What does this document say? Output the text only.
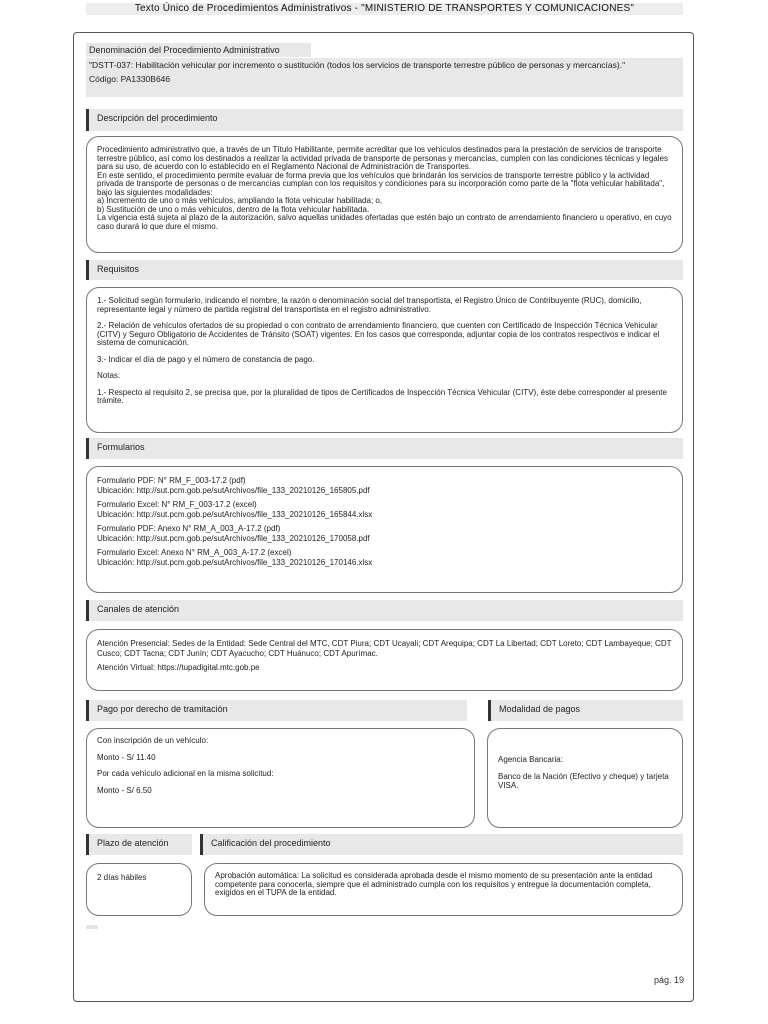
Texto Único de Procedimientos Administrativos - "MINISTERIO DE TRANSPORTES Y COMUNICACIONES"
Denominación del Procedimiento Administrativo

"DSTT-037: Habilitación vehicular por incremento o sustitución (todos los servicios de transporte terrestre público de personas y mercancías)."

Código: PA1330B646

Descripción del procedimiento

Procedimiento administrativo que, a través de un Título Habilitante, permite acreditar que los vehículos destinados para la prestación de servicios de transporte terrestre público, así como los destinados a realizar la actividad privada de transporte de personas y mercancías, cumplen con las condiciones técnicas y legales para su uso, de acuerdo con lo establecido en el Reglamento Nacional de Administración de Transportes.

En este sentido, el procedimiento permite evaluar de forma previa que los vehículos que brindarán los servicios de transporte terrestre público y la actividad privada de transporte de personas o de mercancías cumplan con los requisitos y condiciones para su incorporación como parte de la "flota vehicular habilitada", bajo las siguientes modalidades:

a) Incremento de uno o más vehículos, ampliando la flota vehicular habilitada; o,

b) Sustitución de uno o más vehículos, dentro de la flota vehicular habilitada.

La vigencia está sujeta al plazo de la autorización, salvo aquellas unidades ofertadas que estén bajo un contrato de arrendamiento financiero u operativo, en cuyo caso durará lo que dure el mismo.

Requisitos

1.- Solicitud según formulario, indicando el nombre, la razón o denominación social del transportista, el Registro Único de Contribuyente (RUC), domicilio, representante legal y número de partida registral del transportista en el registro administrativo.

2.- Relación de vehículos ofertados de su propiedad o con contrato de arrendamiento financiero, que cuenten con Certificado de Inspección Técnica Vehicular (CITV) y Seguro Obligatorio de Accidentes de Tránsito (SOAT) vigentes. En los casos que corresponda, adjuntar copia de los contratos respectivos e indicar el sistema de comunicación.

3.- Indicar el día de pago y el número de constancia de pago.

Notas:

1.- Respecto al requisito 2, se precisa que, por la pluralidad de tipos de Certificados de Inspección Técnica Vehicular (CITV), éste debe corresponder al presente trámite.

Formularios

Formulario PDF: N° RM_F_003-17.2 (pdf)

Ubicación: http://sut.pcm.gob.pe/sutArchivos/file_133_20210126_165805.pdf

Formulario Excel: N° RM_F_003-17.2 (excel)

Ubicación: http://sut.pcm.gob.pe/sutArchivos/file_133_20210126_165844.xlsx

Formulario PDF: Anexo N° RM_A_003_A-17.2 (pdf)

Ubicación: http://sut.pcm.gob.pe/sutArchivos/file_133_20210126_170058.pdf

Formulario Excel: Anexo N° RM_A_003_A-17.2 (excel)

Ubicación: http://sut.pcm.gob.pe/sutArchivos/file_133_20210126_170146.xlsx

Canales de atención

Atención Presencial: Sedes de la Entidad: Sede Central del MTC, CDT Piura; CDT Ucayali; CDT Arequipa; CDT La Libertad; CDT Loreto; CDT Lambayeque; CDT Cusco; CDT Tacna; CDT Junín; CDT Ayacucho; CDT Huánuco; CDT Apurímac.

Atención Virtual: https://tupadigital.mtc.gob.pe

Pago por derecho de tramitación

Con inscripción de un vehículo:

Monto - S/ 11.40

Por cada vehículo adicional en la misma solicitud:

Monto - S/ 6.50

Modalidad de pagos

Agencia Bancaria:

Banco de la Nación (Efectivo y cheque) y tarjeta VISA.

Plazo de atención

2 días hábiles

Calificación del procedimiento

Aprobación automática: La solicitud es considerada aprobada desde el mismo momento de su presentación ante la entidad competente para conocerla, siempre que el administrado cumpla con los requisitos y entregue la documentación completa, exigidos en el TUPA de la entidad.

pág. 19
